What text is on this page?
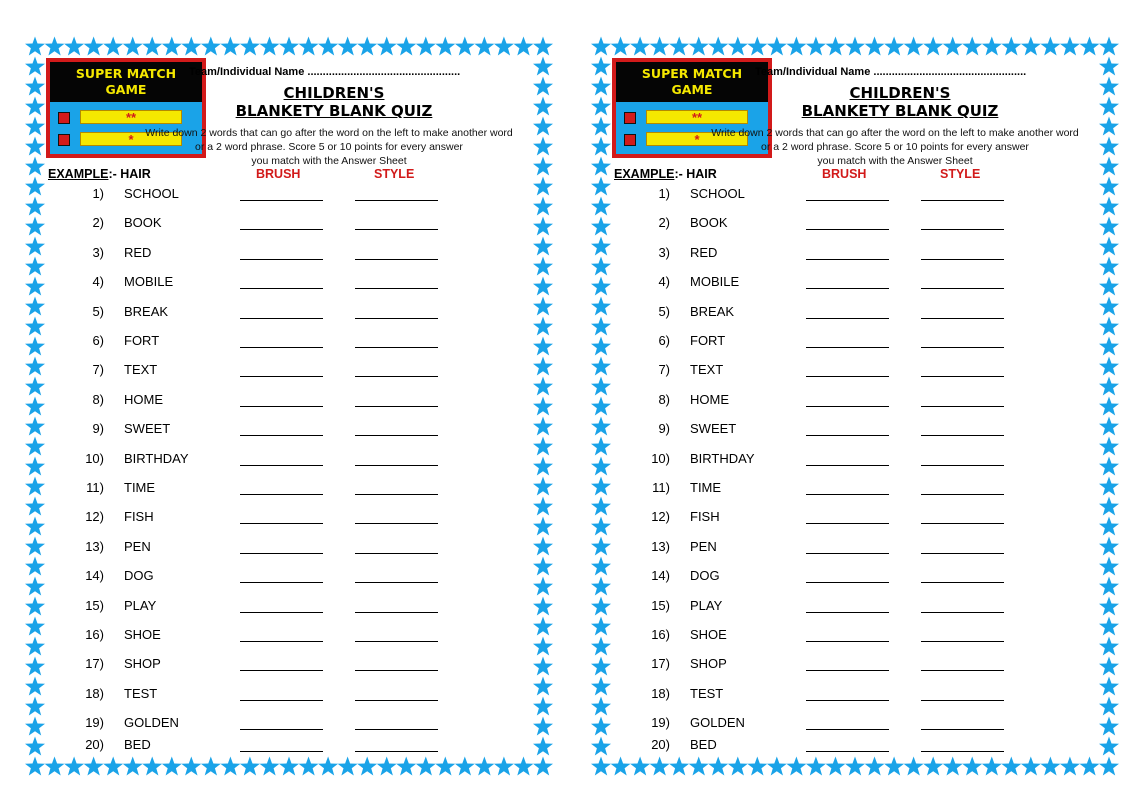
SUPER MATCH
GAME
**
*
Team/Individual Name ..................................................
CHILDREN'S
BLANKETY BLANK QUIZ
Write down 2 words that can go after the word on the left to make another word
or a 2 word phrase. Score 5 or 10 points for every answer
you match with the Answer Sheet
EXAMPLE:- HAIR	BRUSH	STYLE
1) SCHOOL
2) BOOK
3) RED
4) MOBILE
5) BREAK
6) FORT
7) TEXT
8) HOME
9) SWEET
10) BIRTHDAY
11) TIME
12) FISH
13) PEN
14) DOG
15) PLAY
16) SHOE
17) SHOP
18) TEST
19) GOLDEN
20) BED
SUPER MATCH
GAME
**
*
Team/Individual Name ..................................................
CHILDREN'S
BLANKETY BLANK QUIZ
Write down 2 words that can go after the word on the left to make another word
or a 2 word phrase. Score 5 or 10 points for every answer
you match with the Answer Sheet
EXAMPLE:- HAIR	BRUSH	STYLE
1) SCHOOL
2) BOOK
3) RED
4) MOBILE
5) BREAK
6) FORT
7) TEXT
8) HOME
9) SWEET
10) BIRTHDAY
11) TIME
12) FISH
13) PEN
14) DOG
15) PLAY
16) SHOE
17) SHOP
18) TEST
19) GOLDEN
20) BED
